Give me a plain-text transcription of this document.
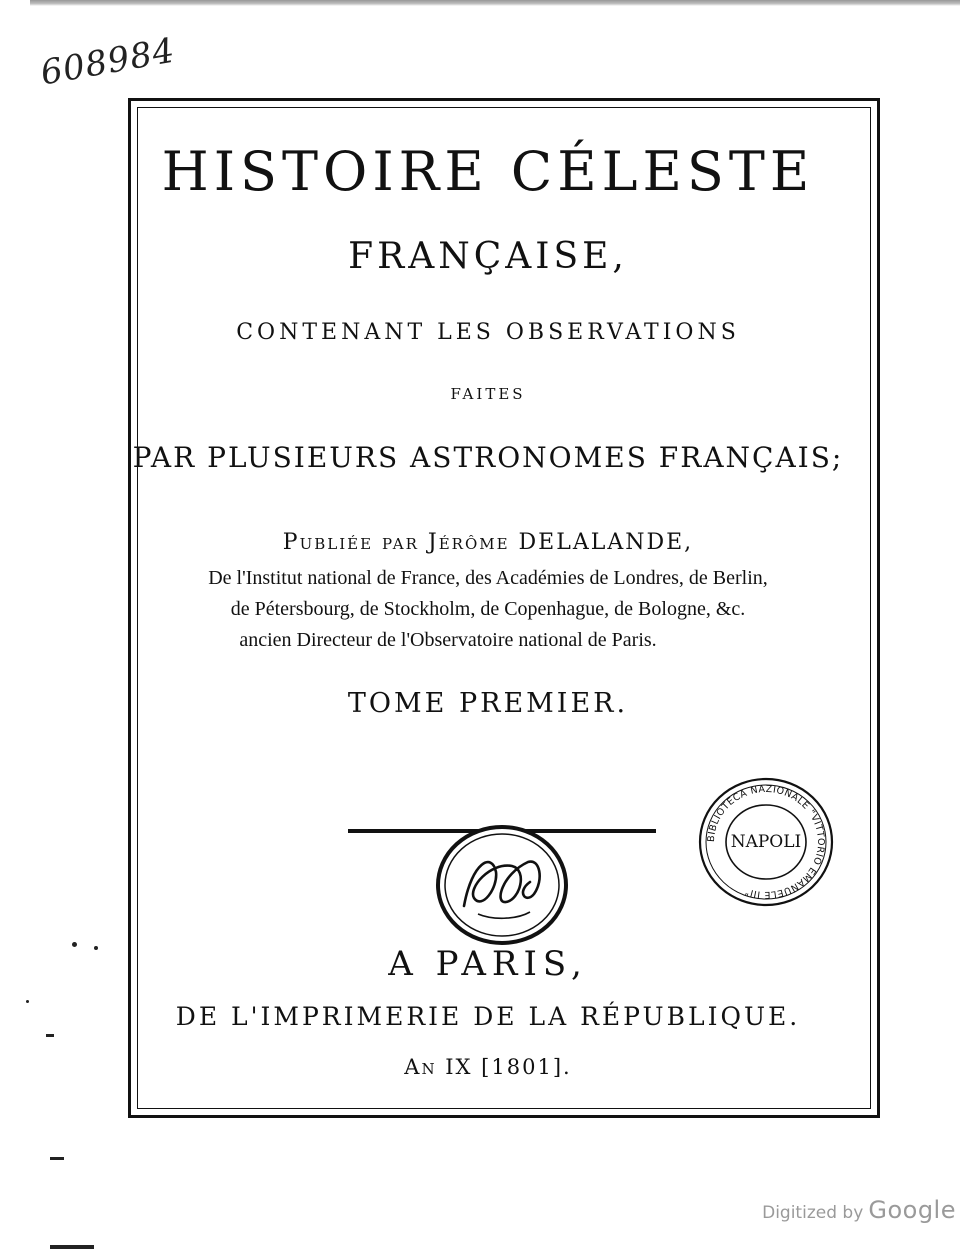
608984
HISTOIRE CÉLESTE
FRANÇAISE,
CONTENANT LES OBSERVATIONS
FAITES
PAR PLUSIEURS ASTRONOMES FRANÇAIS;
Publiée par Jérôme DELALANDE,
De l'Institut national de France, des Académies de Londres, de Berlin,
de Pétersbourg, de Stockholm, de Copenhague, de Bologne, &c.
ancien Directeur de l'Observatoire national de Paris.
TOME PREMIER.
BIBLIOTECA NAZIONALE "VITTORIO EMANUELE III"
NAPOLI
A PARIS,
DE L'IMPRIMERIE DE LA RÉPUBLIQUE.
An IX [1801].
Digitized by Google
